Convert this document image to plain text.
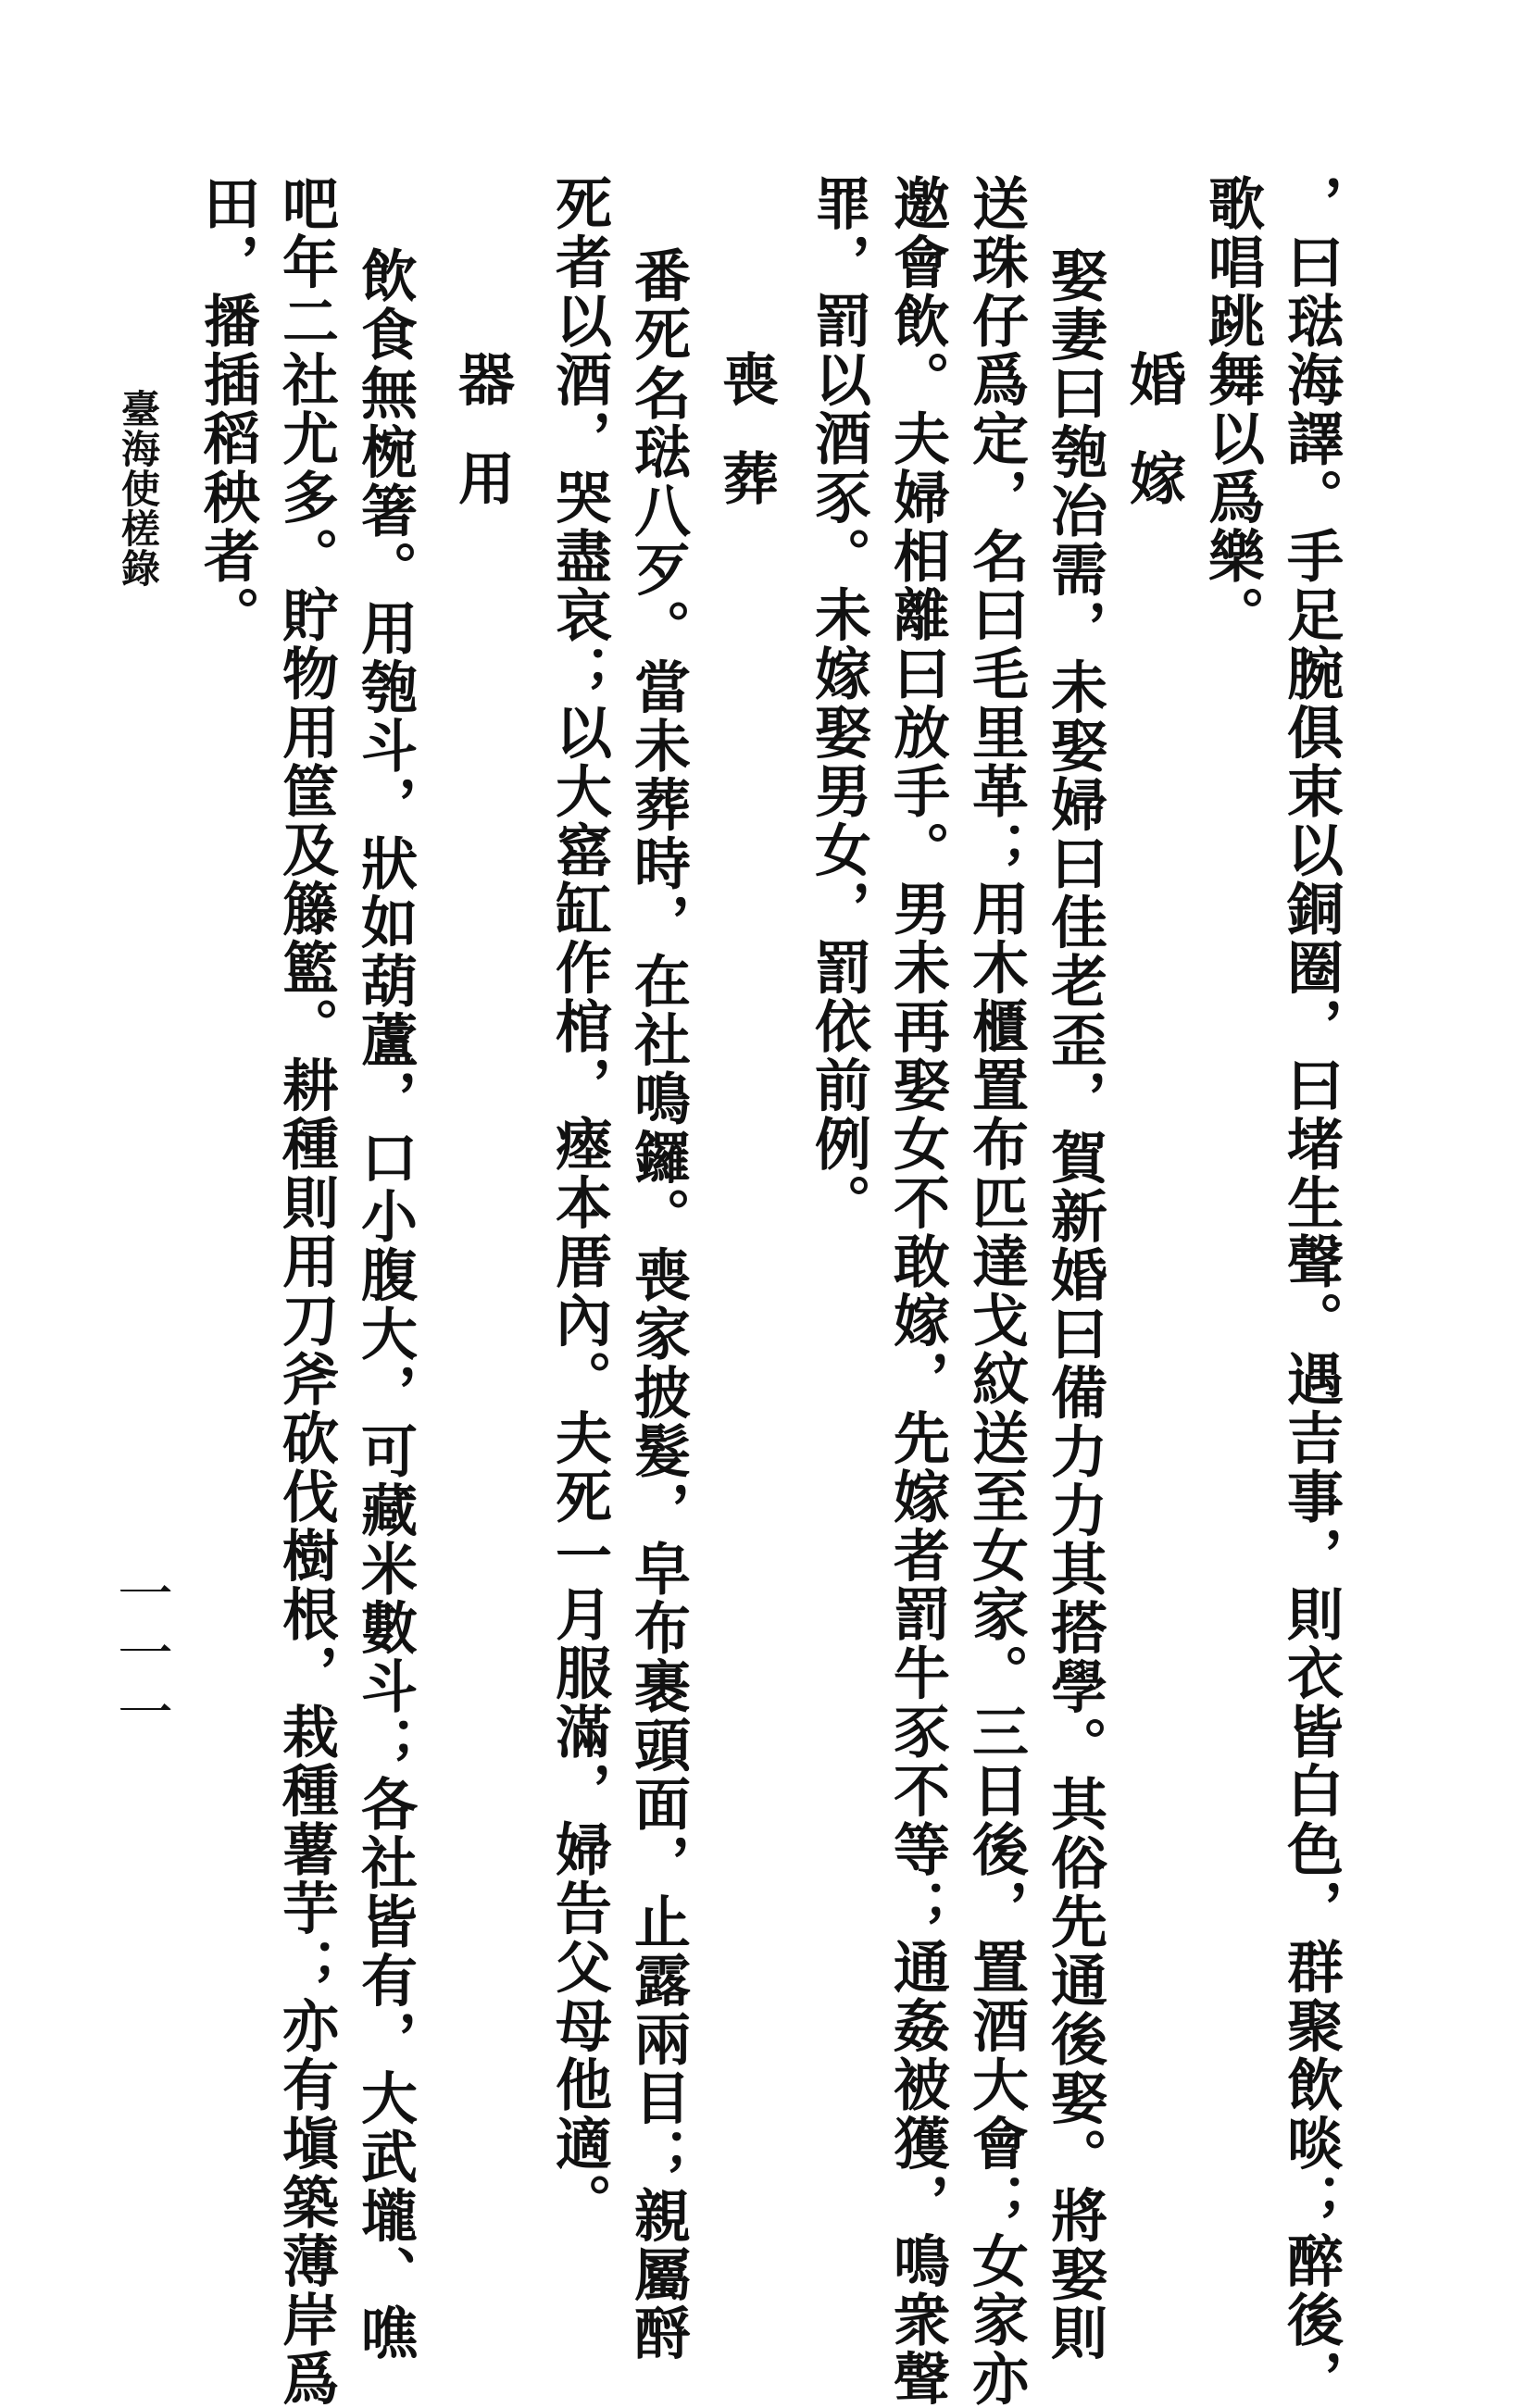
，曰琺海譯。手足腕俱束以銅圈，曰堵生聲。遇吉事，則衣皆白色，群聚飲啖；醉後，
歌唱跳舞以爲樂。
婚嫁
娶妻曰匏冶需，未娶婦曰佳老歪，賀新婚曰備力力其搭學。其俗先通後娶。將娶則
送珠仔爲定，名曰毛里革；用木櫃置布匹達戈紋送至女家。三日後，置酒大會；女家亦
邀會飲。夫婦相離曰放手。男未再娶女不敢嫁，先嫁者罰牛豕不等；通姦被獲，鳴衆聲
罪，罰以酒豕。未嫁娶男女，罰依前例。
喪葬
番死名琺八歹。當未葬時，在社鳴鑼。喪家披髮，皁布裹頭面，止露兩目；親屬酹
死者以酒，哭盡哀；以大窰缸作棺，瘞本厝內。夫死一月服滿，婦告父母他適。
器用
飲食無椀箸。用匏斗，狀如葫蘆，口小腹大，可藏米數斗；各社皆有，大武壠、噍
吧年二社尤多。貯物用筐及籐籃。耕種則用刀斧砍伐樹根，栽種薯芋；亦有塡築薄岸爲
田，播插稻秧者。
臺海使槎錄
一一一
